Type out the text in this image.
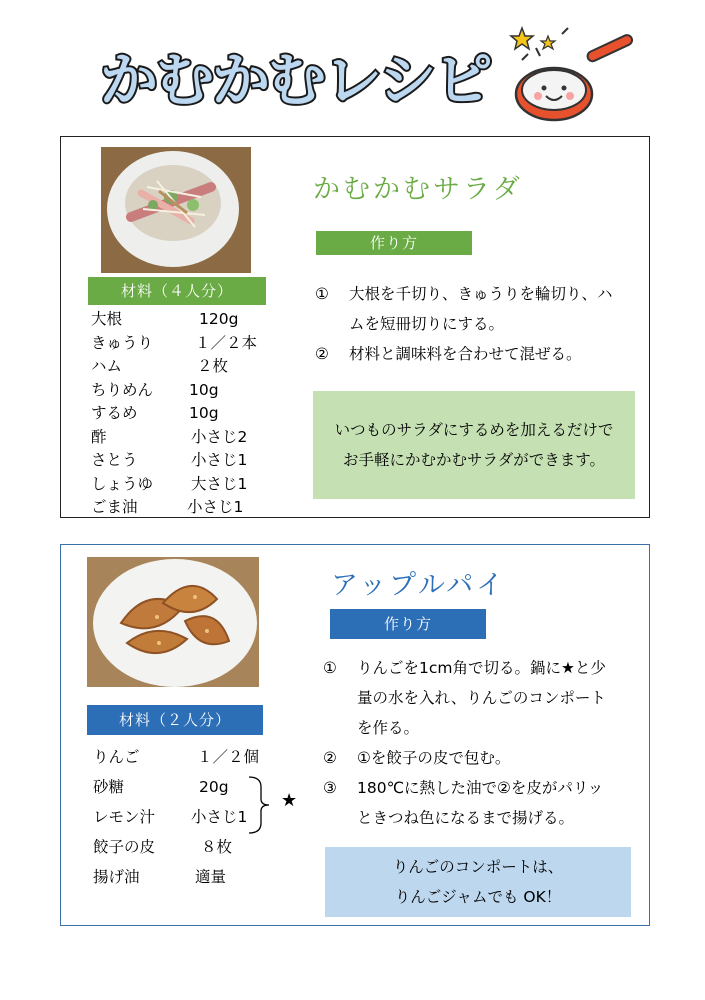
かむかむレシピ
かむかむサラダ
作り方
材料（４人分）
大根	120g
きゅうり	１／２本
ハム	２枚
ちりめん 10g
するめ	10g
酢	小さじ2
さとう	小さじ1
しょうゆ 大さじ1
ごま油	小さじ1
① 大根を千切り、きゅうりを輪切り、ハ
ムを短冊切りにする。
② 材料と調味料を合わせて混ぜる。
いつものサラダにするめを加えるだけで
お手軽にかむかむサラダができます。
アップルパイ
作り方
材料（２人分）
りんご	１／２個
砂糖	20g
レモン汁 小さじ1
餃子の皮	８枚
揚げ油	適量
★
① りんごを1cm角で切る。鍋に★と少
量の水を入れ、りんごのコンポート
を作る。
② ①を餃子の皮で包む。
③ 180℃に熱した油で②を皮がパリッ
ときつね色になるまで揚げる。
りんごのコンポートは、
りんごジャムでも OK！
